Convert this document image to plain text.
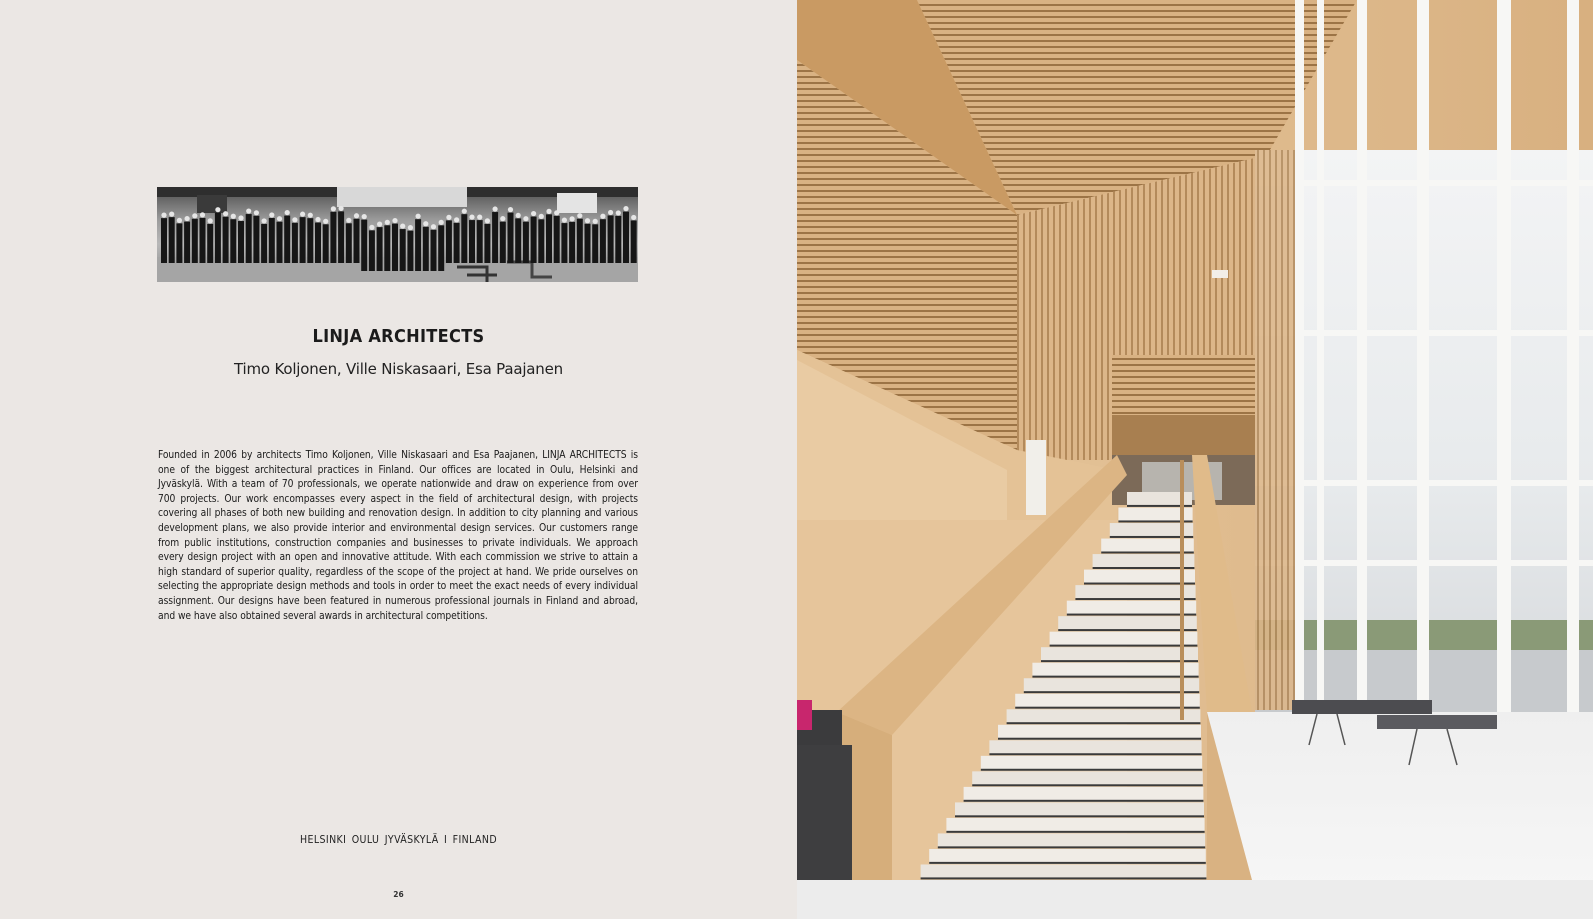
LINJA ARCHITECTS

Timo Koljonen, Ville Niskasaari, Esa Paajanen

Founded in 2006 by architects Timo Koljonen, Ville Niskasaari and Esa Paajanen, LINJA ARCHITECTS is one of the biggest architectural practices in Finland. Our offices are located in Oulu, Helsinki and Jyväskylä. With a team of 70 professionals, we operate nationwide and draw on experience from over 700 projects. Our work encompasses every aspect in the field of architectural design, with projects covering all phases of both new building and renovation design. In addition to city planning and various development plans, we also provide interior and environmental design services. Our customers range from public institutions, construction companies and businesses to private individuals. We approach every design project with an open and innovative attitude. With each commission we strive to attain a high standard of superior quality, regardless of the scope of the project at hand. We pride ourselves on selecting the appropriate design methods and tools in order to meet the exact needs of every individual assignment. Our designs have been featured in numerous professional journals in Finland and abroad, and we have also obtained several awards in architectural competitions.

HELSINKI OULU JYVÄSKYLÄ I FINLAND

26
